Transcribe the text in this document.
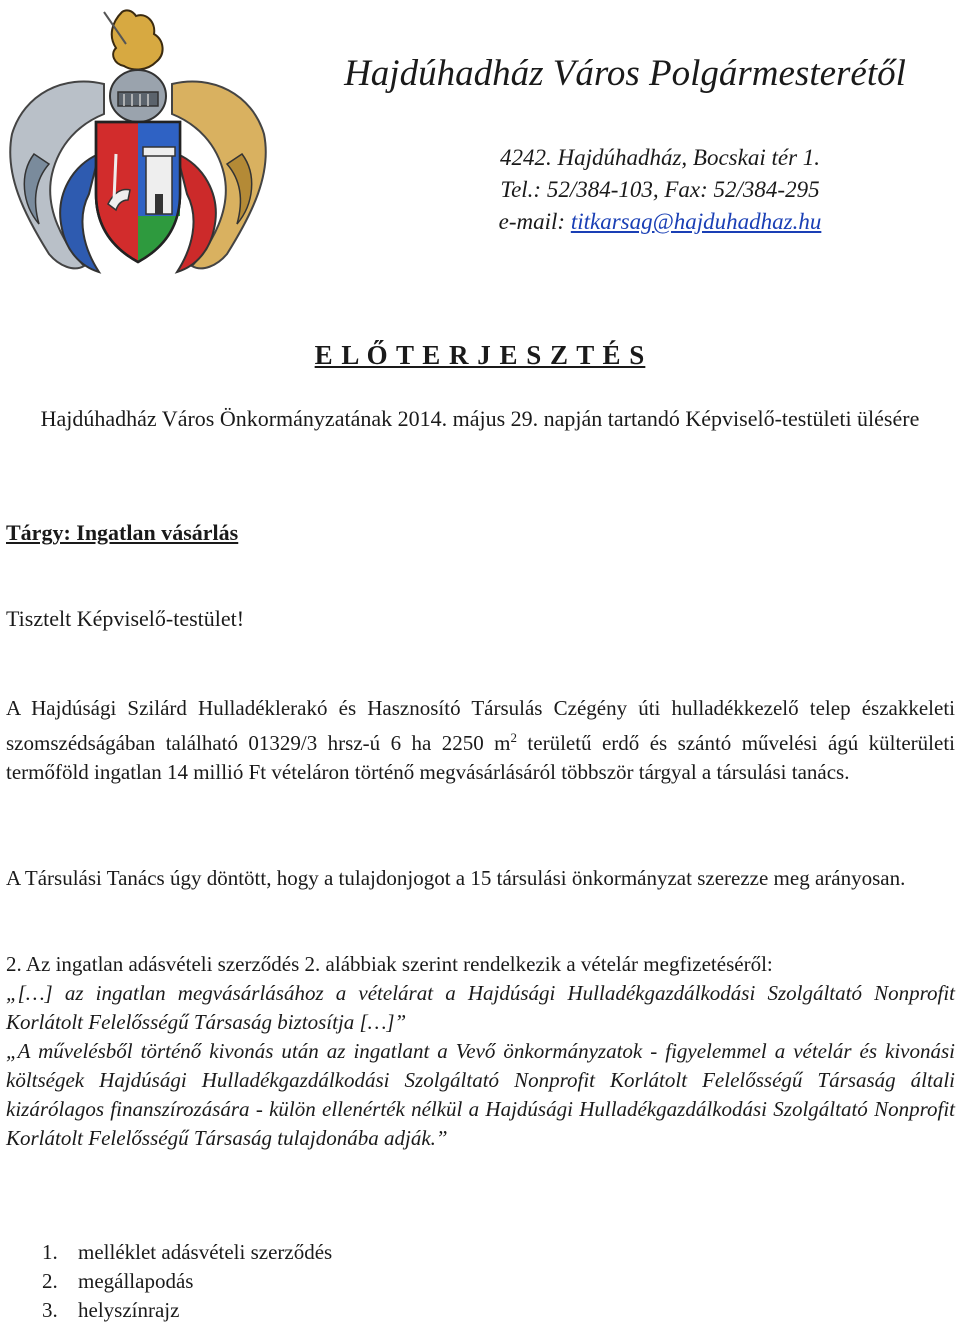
Hajdúhadház Város Polgármesterétől
4242. Hajdúhadház, Bocskai tér 1.
Tel.: 52/384-103, Fax: 52/384-295
e-mail: titkarsag@hajduhadhaz.hu
E L Ő T E R J E S Z T É S
Hajdúhadház Város Önkormányzatának 2014. május 29. napján tartandó Képviselő-testületi ülésére
Tárgy: Ingatlan vásárlás
Tisztelt Képviselő-testület!
A Hajdúsági Szilárd Hulladéklerakó és Hasznosító Társulás Czégény úti hulladékkezelő telep északkeleti szomszédságában található 01329/3 hrsz-ú 6 ha 2250 $m^2$ területű erdő és szántó művelési ágú külterületi termőföld ingatlan 14 millió Ft vételáron történő megvásárlásáról többször tárgyal a társulási tanács.
A Társulási Tanács úgy döntött, hogy a tulajdonjogot a 15 társulási önkormányzat szerezze meg arányosan.
2. Az ingatlan adásvételi szerződés 2. alábbiak szerint rendelkezik a vételár megfizetéséről:
„[…] az ingatlan megvásárlásához a vételárat a Hajdúsági Hulladékgazdálkodási Szolgáltató Nonprofit Korlátolt Felelősségű Társaság biztosítja […]”
„A művelésből történő kivonás után az ingatlant a Vevő önkormányzatok - figyelemmel a vételár és kivonási költségek Hajdúsági Hulladékgazdálkodási Szolgáltató Nonprofit Korlátolt Felelősségű Társaság általi kizárólagos finanszírozására - külön ellenérték nélkül a Hajdúsági Hulladékgazdálkodási Szolgáltató Nonprofit Korlátolt Felelősségű Társaság tulajdonába adják.”
1. melléklet adásvételi szerződés
2. megállapodás
3. helyszínrajz
